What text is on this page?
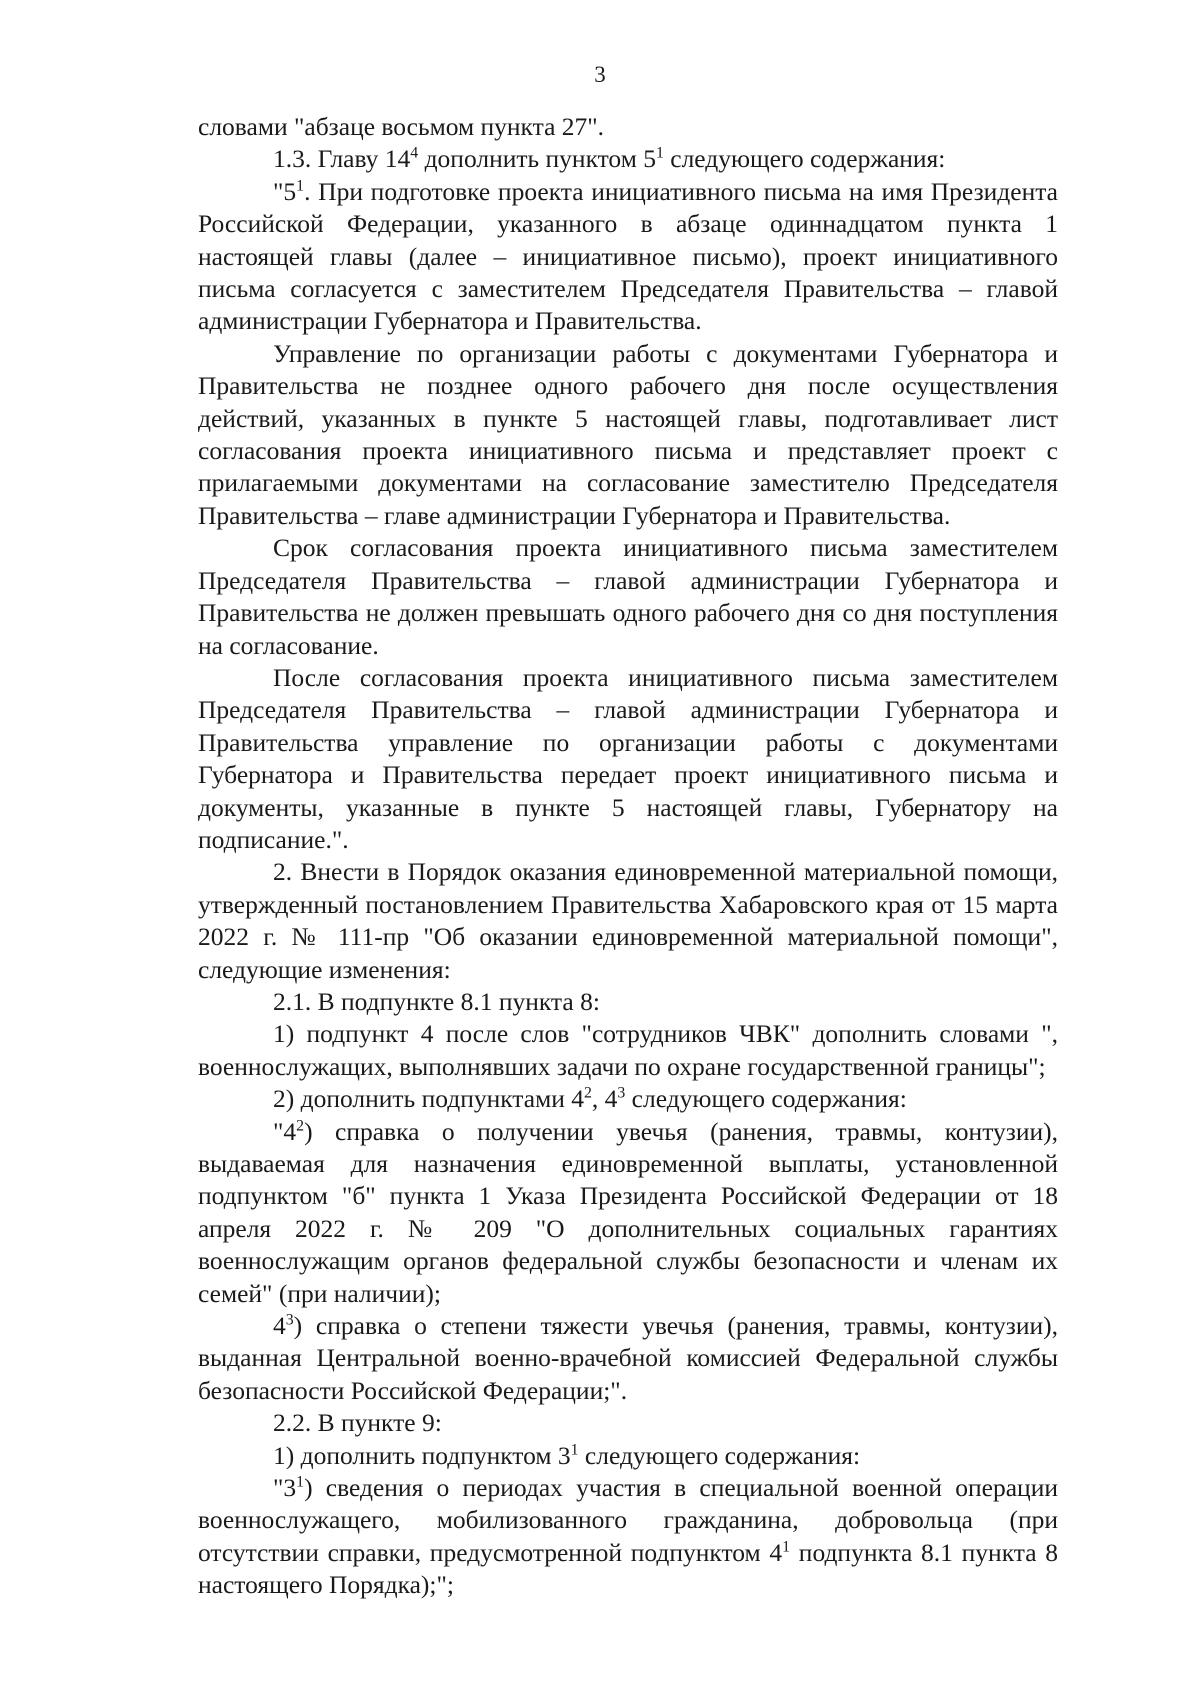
3

словами "абзаце восьмом пункта 27".

1.3. Главу $14^4$ дополнить пунктом $5^1$ следующего содержания:

"$5^1$. При подготовке проекта инициативного письма на имя Президента Российской Федерации, указанного в абзаце одиннадцатом пункта 1 настоящей главы (далее – инициативное письмо), проект инициативного письма согласуется с заместителем Председателя Правительства – главой администрации Губернатора и Правительства.

Управление по организации работы с документами Губернатора и Правительства не позднее одного рабочего дня после осуществления действий, указанных в пункте 5 настоящей главы, подготавливает лист согласования проекта инициативного письма и представляет проект с прилагаемыми документами на согласование заместителю Председателя Правительства – главе администрации Губернатора и Правительства.

Срок согласования проекта инициативного письма заместителем Председателя Правительства – главой администрации Губернатора и Правительства не должен превышать одного рабочего дня со дня поступления на согласование.

После согласования проекта инициативного письма заместителем Председателя Правительства – главой администрации Губернатора и Правительства управление по организации работы с документами Губернатора и Правительства передает проект инициативного письма и документы, указанные в пункте 5 настоящей главы, Губернатору на подписание.".

2. Внести в Порядок оказания единовременной материальной помощи, утвержденный постановлением Правительства Хабаровского края от 15 марта 2022 г. № 111-пр "Об оказании единовременной материальной помощи", следующие изменения:

2.1. В подпункте 8.1 пункта 8:

1) подпункт 4 после слов "сотрудников ЧВК" дополнить словами ", военнослужащих, выполнявших задачи по охране государственной границы";

2) дополнить подпунктами $4^2$, $4^3$ следующего содержания:

"$4^2$) справка о получении увечья (ранения, травмы, контузии), выдаваемая для назначения единовременной выплаты, установленной подпунктом "б" пункта 1 Указа Президента Российской Федерации от 18 апреля 2022 г. № 209 "О дополнительных социальных гарантиях военнослужащим органов федеральной службы безопасности и членам их семей" (при наличии);

$4^3$) справка о степени тяжести увечья (ранения, травмы, контузии), выданная Центральной военно-врачебной комиссией Федеральной службы безопасности Российской Федерации;".

2.2. В пункте 9:

1) дополнить подпунктом $3^1$ следующего содержания:

"$3^1$) сведения о периодах участия в специальной военной операции военнослужащего, мобилизованного гражданина, добровольца (при отсутствии справки, предусмотренной подпунктом $4^1$ подпункта 8.1 пункта 8 настоящего Порядка);";
